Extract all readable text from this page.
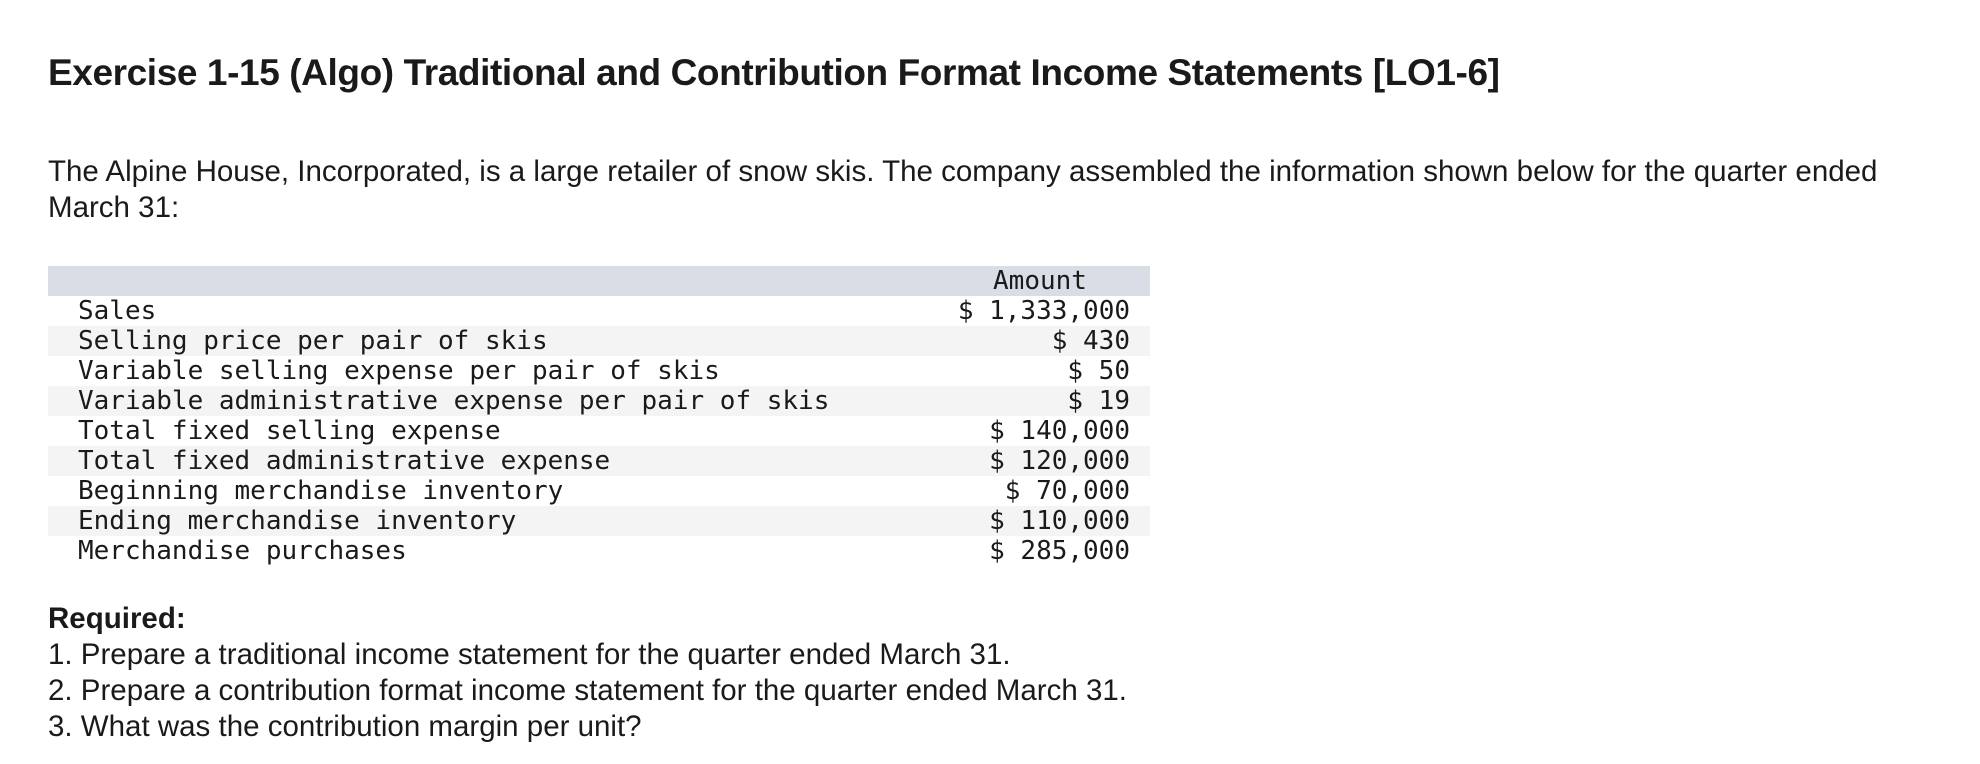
Exercise 1-15 (Algo) Traditional and Contribution Format Income Statements [LO1-6]

The Alpine House, Incorporated, is a large retailer of snow skis. The company assembled the information shown below for the quarter ended March 31:

	Amount
Sales	$ 1,333,000
Selling price per pair of skis	$ 430
Variable selling expense per pair of skis	$ 50
Variable administrative expense per pair of skis	$ 19
Total fixed selling expense	$ 140,000
Total fixed administrative expense	$ 120,000
Beginning merchandise inventory	$ 70,000
Ending merchandise inventory	$ 110,000
Merchandise purchases	$ 285,000
Required:
1. Prepare a traditional income statement for the quarter ended March 31.
2. Prepare a contribution format income statement for the quarter ended March 31.
3. What was the contribution margin per unit?
